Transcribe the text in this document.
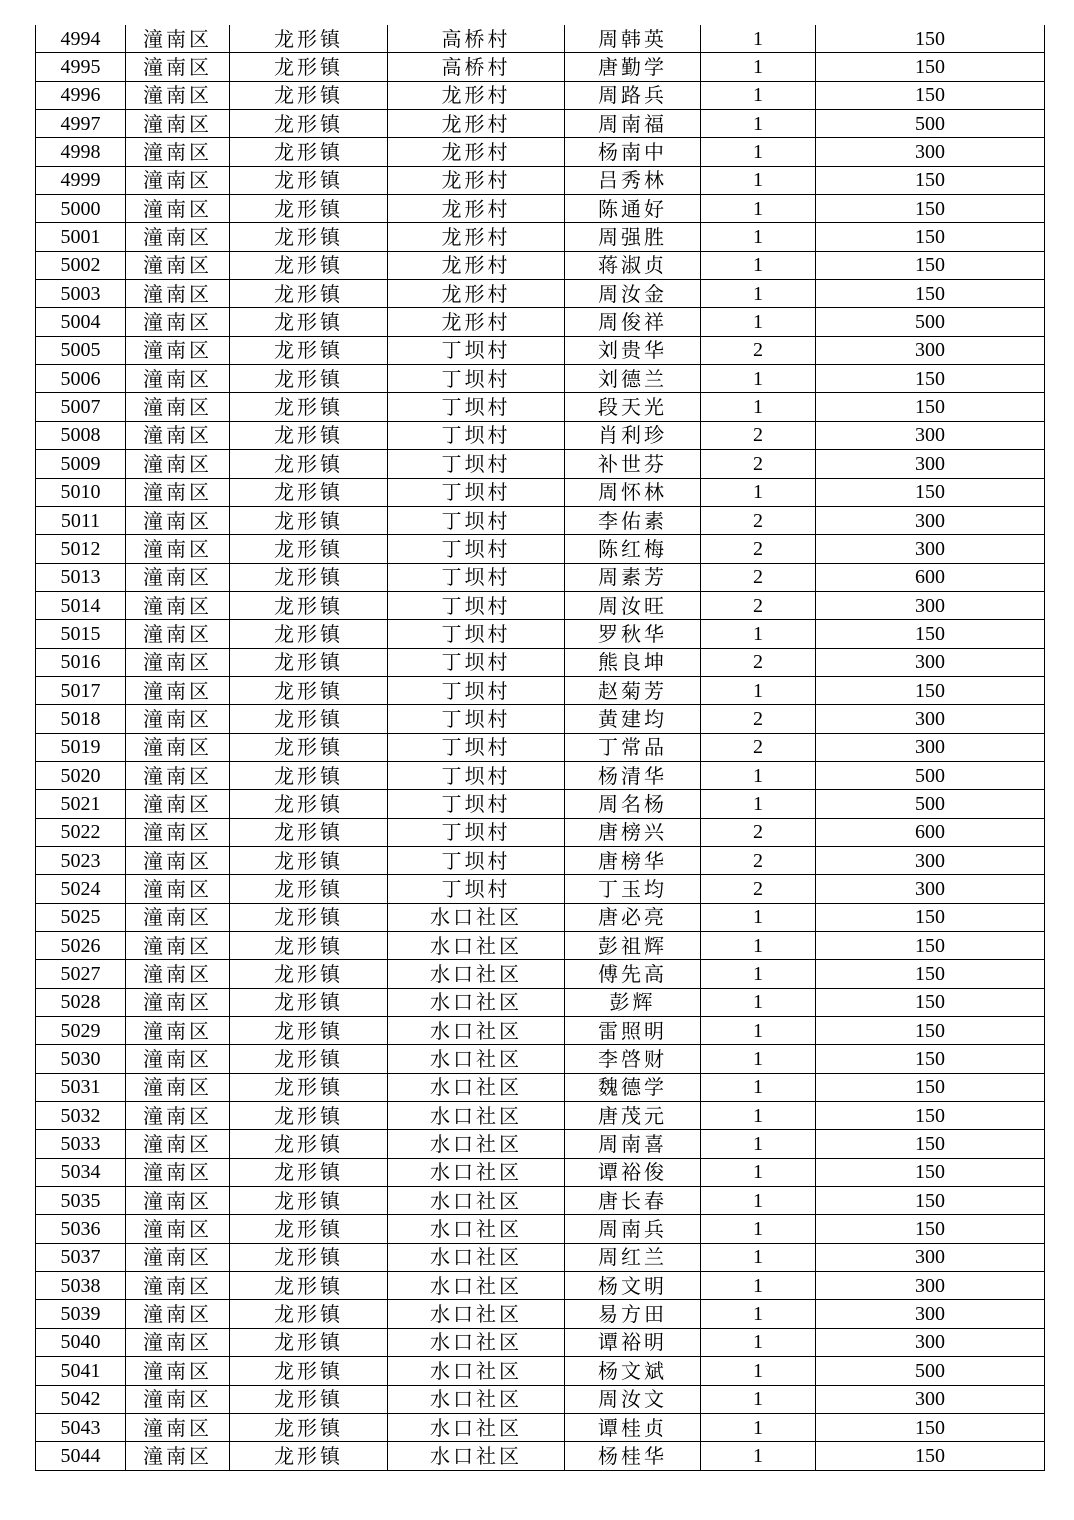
4994	潼南区	龙形镇	高桥村	周韩英	1	150
4995	潼南区	龙形镇	高桥村	唐勤学	1	150
4996	潼南区	龙形镇	龙形村	周路兵	1	150
4997	潼南区	龙形镇	龙形村	周南福	1	500
4998	潼南区	龙形镇	龙形村	杨南中	1	300
4999	潼南区	龙形镇	龙形村	吕秀林	1	150
5000	潼南区	龙形镇	龙形村	陈通好	1	150
5001	潼南区	龙形镇	龙形村	周强胜	1	150
5002	潼南区	龙形镇	龙形村	蒋淑贞	1	150
5003	潼南区	龙形镇	龙形村	周汝金	1	150
5004	潼南区	龙形镇	龙形村	周俊祥	1	500
5005	潼南区	龙形镇	丁坝村	刘贵华	2	300
5006	潼南区	龙形镇	丁坝村	刘德兰	1	150
5007	潼南区	龙形镇	丁坝村	段天光	1	150
5008	潼南区	龙形镇	丁坝村	肖利珍	2	300
5009	潼南区	龙形镇	丁坝村	补世芬	2	300
5010	潼南区	龙形镇	丁坝村	周怀林	1	150
5011	潼南区	龙形镇	丁坝村	李佑素	2	300
5012	潼南区	龙形镇	丁坝村	陈红梅	2	300
5013	潼南区	龙形镇	丁坝村	周素芳	2	600
5014	潼南区	龙形镇	丁坝村	周汝旺	2	300
5015	潼南区	龙形镇	丁坝村	罗秋华	1	150
5016	潼南区	龙形镇	丁坝村	熊良坤	2	300
5017	潼南区	龙形镇	丁坝村	赵菊芳	1	150
5018	潼南区	龙形镇	丁坝村	黄建均	2	300
5019	潼南区	龙形镇	丁坝村	丁常品	2	300
5020	潼南区	龙形镇	丁坝村	杨清华	1	500
5021	潼南区	龙形镇	丁坝村	周名杨	1	500
5022	潼南区	龙形镇	丁坝村	唐榜兴	2	600
5023	潼南区	龙形镇	丁坝村	唐榜华	2	300
5024	潼南区	龙形镇	丁坝村	丁玉均	2	300
5025	潼南区	龙形镇	水口社区	唐必亮	1	150
5026	潼南区	龙形镇	水口社区	彭祖辉	1	150
5027	潼南区	龙形镇	水口社区	傅先高	1	150
5028	潼南区	龙形镇	水口社区	彭辉	1	150
5029	潼南区	龙形镇	水口社区	雷照明	1	150
5030	潼南区	龙形镇	水口社区	李啓财	1	150
5031	潼南区	龙形镇	水口社区	魏德学	1	150
5032	潼南区	龙形镇	水口社区	唐茂元	1	150
5033	潼南区	龙形镇	水口社区	周南喜	1	150
5034	潼南区	龙形镇	水口社区	谭裕俊	1	150
5035	潼南区	龙形镇	水口社区	唐长春	1	150
5036	潼南区	龙形镇	水口社区	周南兵	1	150
5037	潼南区	龙形镇	水口社区	周红兰	1	300
5038	潼南区	龙形镇	水口社区	杨文明	1	300
5039	潼南区	龙形镇	水口社区	易方田	1	300
5040	潼南区	龙形镇	水口社区	谭裕明	1	300
5041	潼南区	龙形镇	水口社区	杨文斌	1	500
5042	潼南区	龙形镇	水口社区	周汝文	1	300
5043	潼南区	龙形镇	水口社区	谭桂贞	1	150
5044	潼南区	龙形镇	水口社区	杨桂华	1	150
